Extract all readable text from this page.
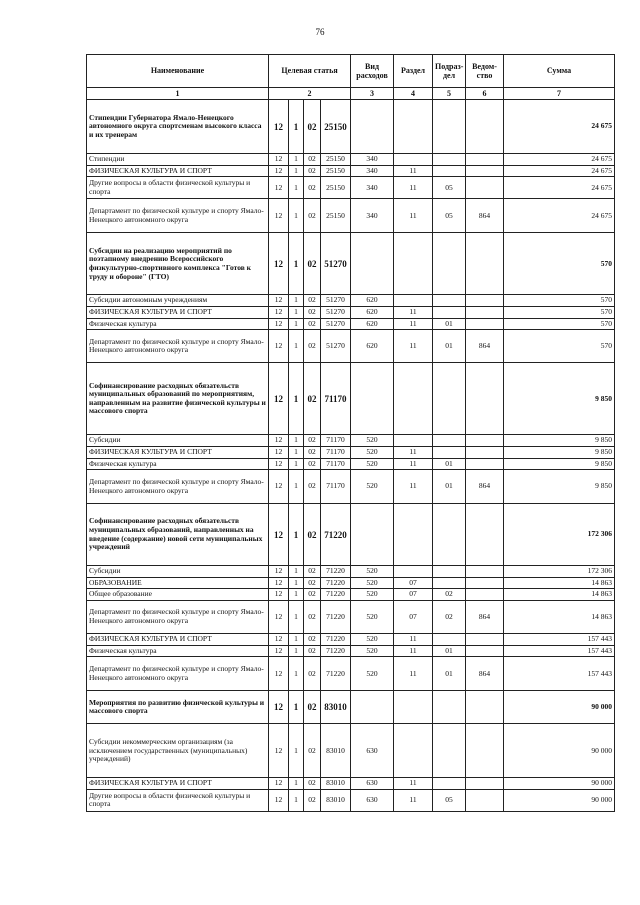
76
Наименование	Целевая статья				Вид расходов	Раздел	Подраз-дел	Ведом-ство	Сумма
1	2				3	4	5	6	7
Стипендии Губернатора Ямало-Ненецкого автономного округа спортсменам высокого класса и их тренерам	12	1	02	25150					24 675
Стипендии	12	1	02	25150	340				24 675
ФИЗИЧЕСКАЯ КУЛЬТУРА И СПОРТ	12	1	02	25150	340	11			24 675
Другие вопросы в области физической культуры и спорта	12	1	02	25150	340	11	05		24 675
Департамент по физической культуре и спорту Ямало-Ненецкого автономного округа	12	1	02	25150	340	11	05	864	24 675
Субсидии на реализацию мероприятий по поэтапному внедрению Всероссийского физкультурно-спортивного комплекса "Готов к труду и обороне" (ГТО)	12	1	02	51270					570
Субсидии автономным учреждениям	12	1	02	51270	620				570
ФИЗИЧЕСКАЯ КУЛЬТУРА И СПОРТ	12	1	02	51270	620	11			570
Физическая культура	12	1	02	51270	620	11	01		570
Департамент по физической культуре и спорту Ямало-Ненецкого автономного округа	12	1	02	51270	620	11	01	864	570
Софинансирование расходных обязательств муниципальных образований по мероприятиям, направленным на развитие физической культуры и массового спорта	12	1	02	71170					9 850
Субсидии	12	1	02	71170	520				9 850
ФИЗИЧЕСКАЯ КУЛЬТУРА И СПОРТ	12	1	02	71170	520	11			9 850
Физическая культура	12	1	02	71170	520	11	01		9 850
Департамент по физической культуре и спорту Ямало-Ненецкого автономного округа	12	1	02	71170	520	11	01	864	9 850
Софинансирование расходных обязательств муниципальных образований, направленных на введение (содержание) новой сети муниципальных учреждений	12	1	02	71220					172 306
Субсидии	12	1	02	71220	520				172 306
ОБРАЗОВАНИЕ	12	1	02	71220	520	07			14 863
Общее образование	12	1	02	71220	520	07	02		14 863
Департамент по физической культуре и спорту Ямало-Ненецкого автономного округа	12	1	02	71220	520	07	02	864	14 863
ФИЗИЧЕСКАЯ КУЛЬТУРА И СПОРТ	12	1	02	71220	520	11			157 443
Физическая культура	12	1	02	71220	520	11	01		157 443
Департамент по физической культуре и спорту Ямало-Ненецкого автономного округа	12	1	02	71220	520	11	01	864	157 443
Мероприятия по развитию физической культуры и массового спорта	12	1	02	83010					90 000
Субсидии некоммерческим организациям (за исключением государственных (муниципальных) учреждений)	12	1	02	83010	630				90 000
ФИЗИЧЕСКАЯ КУЛЬТУРА И СПОРТ	12	1	02	83010	630	11			90 000
Другие вопросы в области физической культуры и спорта	12	1	02	83010	630	11	05		90 000
